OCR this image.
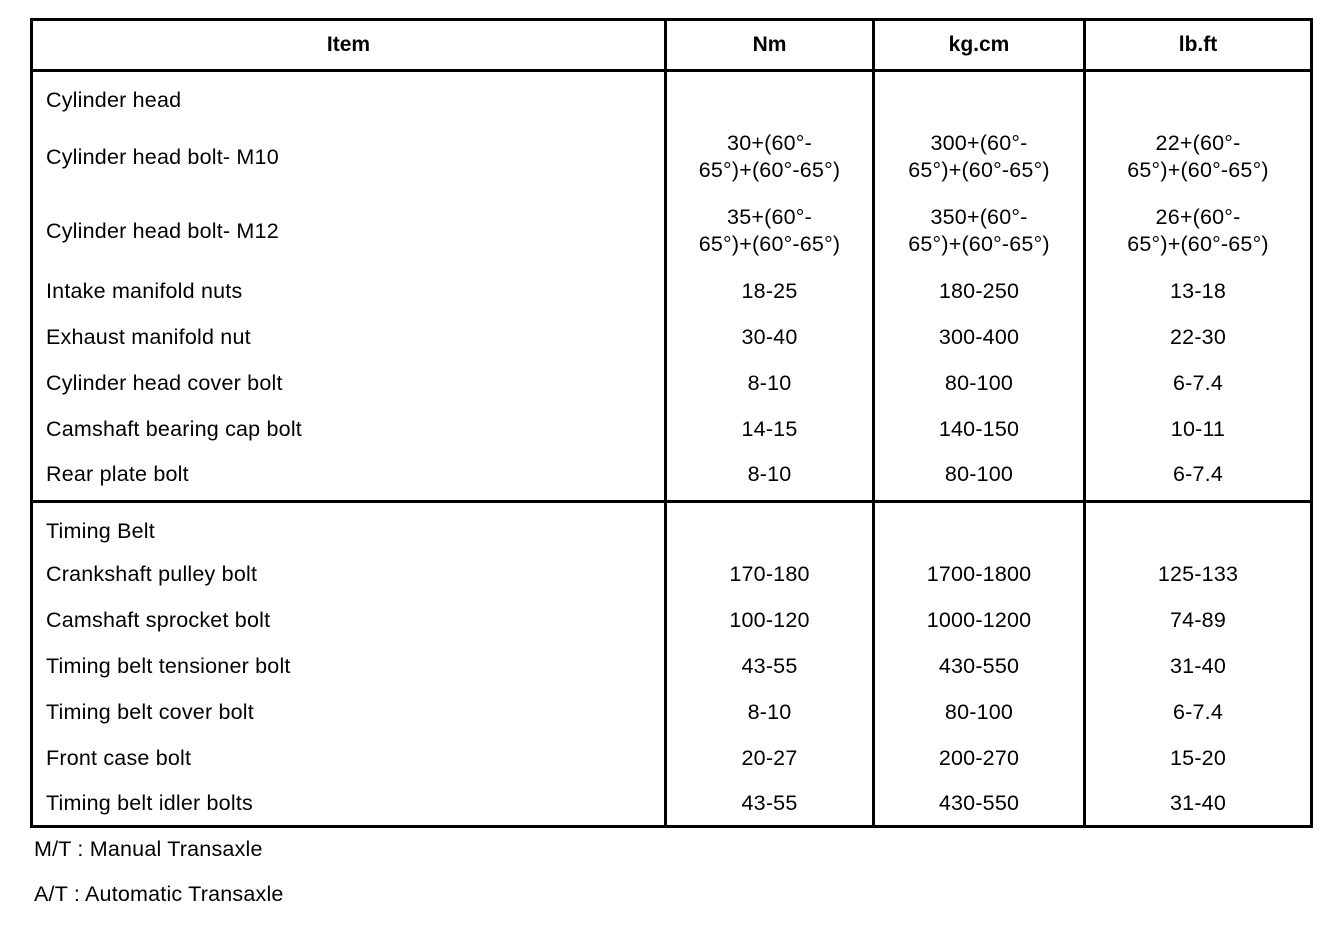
Item	Nm	kg.cm	lb.ft
Cylinder head			
Cylinder head bolt- M10	30+(60°-
65°)+(60°-65°)	300+(60°-
65°)+(60°-65°)	22+(60°-
65°)+(60°-65°)
Cylinder head bolt- M12	35+(60°-
65°)+(60°-65°)	350+(60°-
65°)+(60°-65°)	26+(60°-
65°)+(60°-65°)
Intake manifold nuts	18-25	180-250	13-18
Exhaust manifold nut	30-40	300-400	22-30
Cylinder head cover bolt	8-10	80-100	6-7.4
Camshaft bearing cap bolt	14-15	140-150	10-11
Rear plate bolt	8-10	80-100	6-7.4
Timing Belt			
Crankshaft pulley bolt	170-180	1700-1800	125-133
Camshaft sprocket bolt	100-120	1000-1200	74-89
Timing belt tensioner bolt	43-55	430-550	31-40
Timing belt cover bolt	8-10	80-100	6-7.4
Front case bolt	20-27	200-270	15-20
Timing belt idler bolts	43-55	430-550	31-40
M/T : Manual Transaxle
A/T : Automatic Transaxle
